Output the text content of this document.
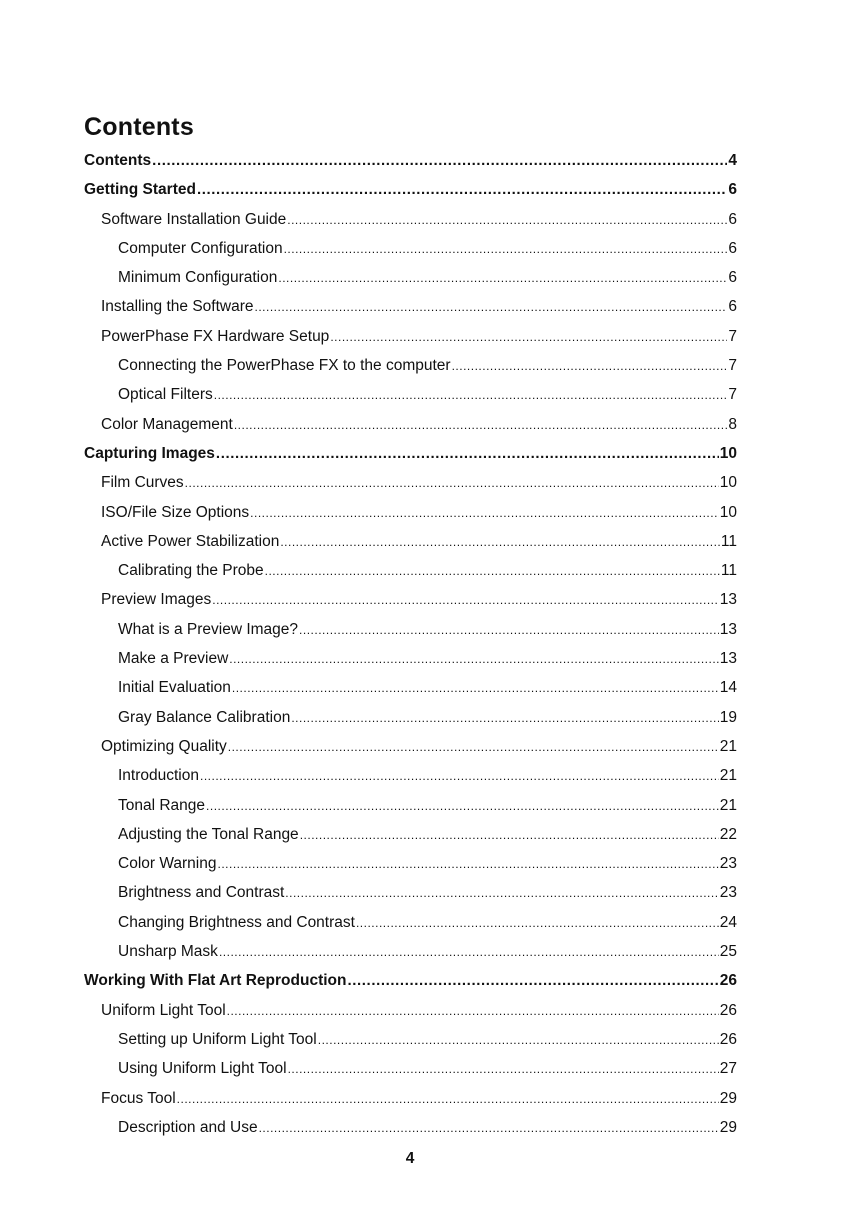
Contents
Contents .....	4
Getting Started .....	6
Software Installation Guide .....	6
Computer Configuration .....	6
Minimum Configuration .....	6
Installing the Software .....	6
PowerPhase FX Hardware Setup .....	7
Connecting the PowerPhase FX to the computer .....	7
Optical Filters .....	7
Color Management .....	8
Capturing Images .....	10
Film Curves .....	10
ISO/File Size Options .....	10
Active Power Stabilization .....	11
Calibrating the Probe .....	11
Preview Images .....	13
What is a Preview Image? .....	13
Make a Preview .....	13
Initial Evaluation .....	14
Gray Balance Calibration .....	19
Optimizing Quality .....	21
Introduction .....	21
Tonal Range .....	21
Adjusting the Tonal Range .....	22
Color Warning .....	23
Brightness and Contrast .....	23
Changing Brightness and Contrast .....	24
Unsharp Mask .....	25
Working With Flat Art Reproduction .....	26
Uniform Light Tool .....	26
Setting up Uniform Light Tool .....	26
Using Uniform Light Tool .....	27
Focus Tool .....	29
Description and Use .....	29
4
